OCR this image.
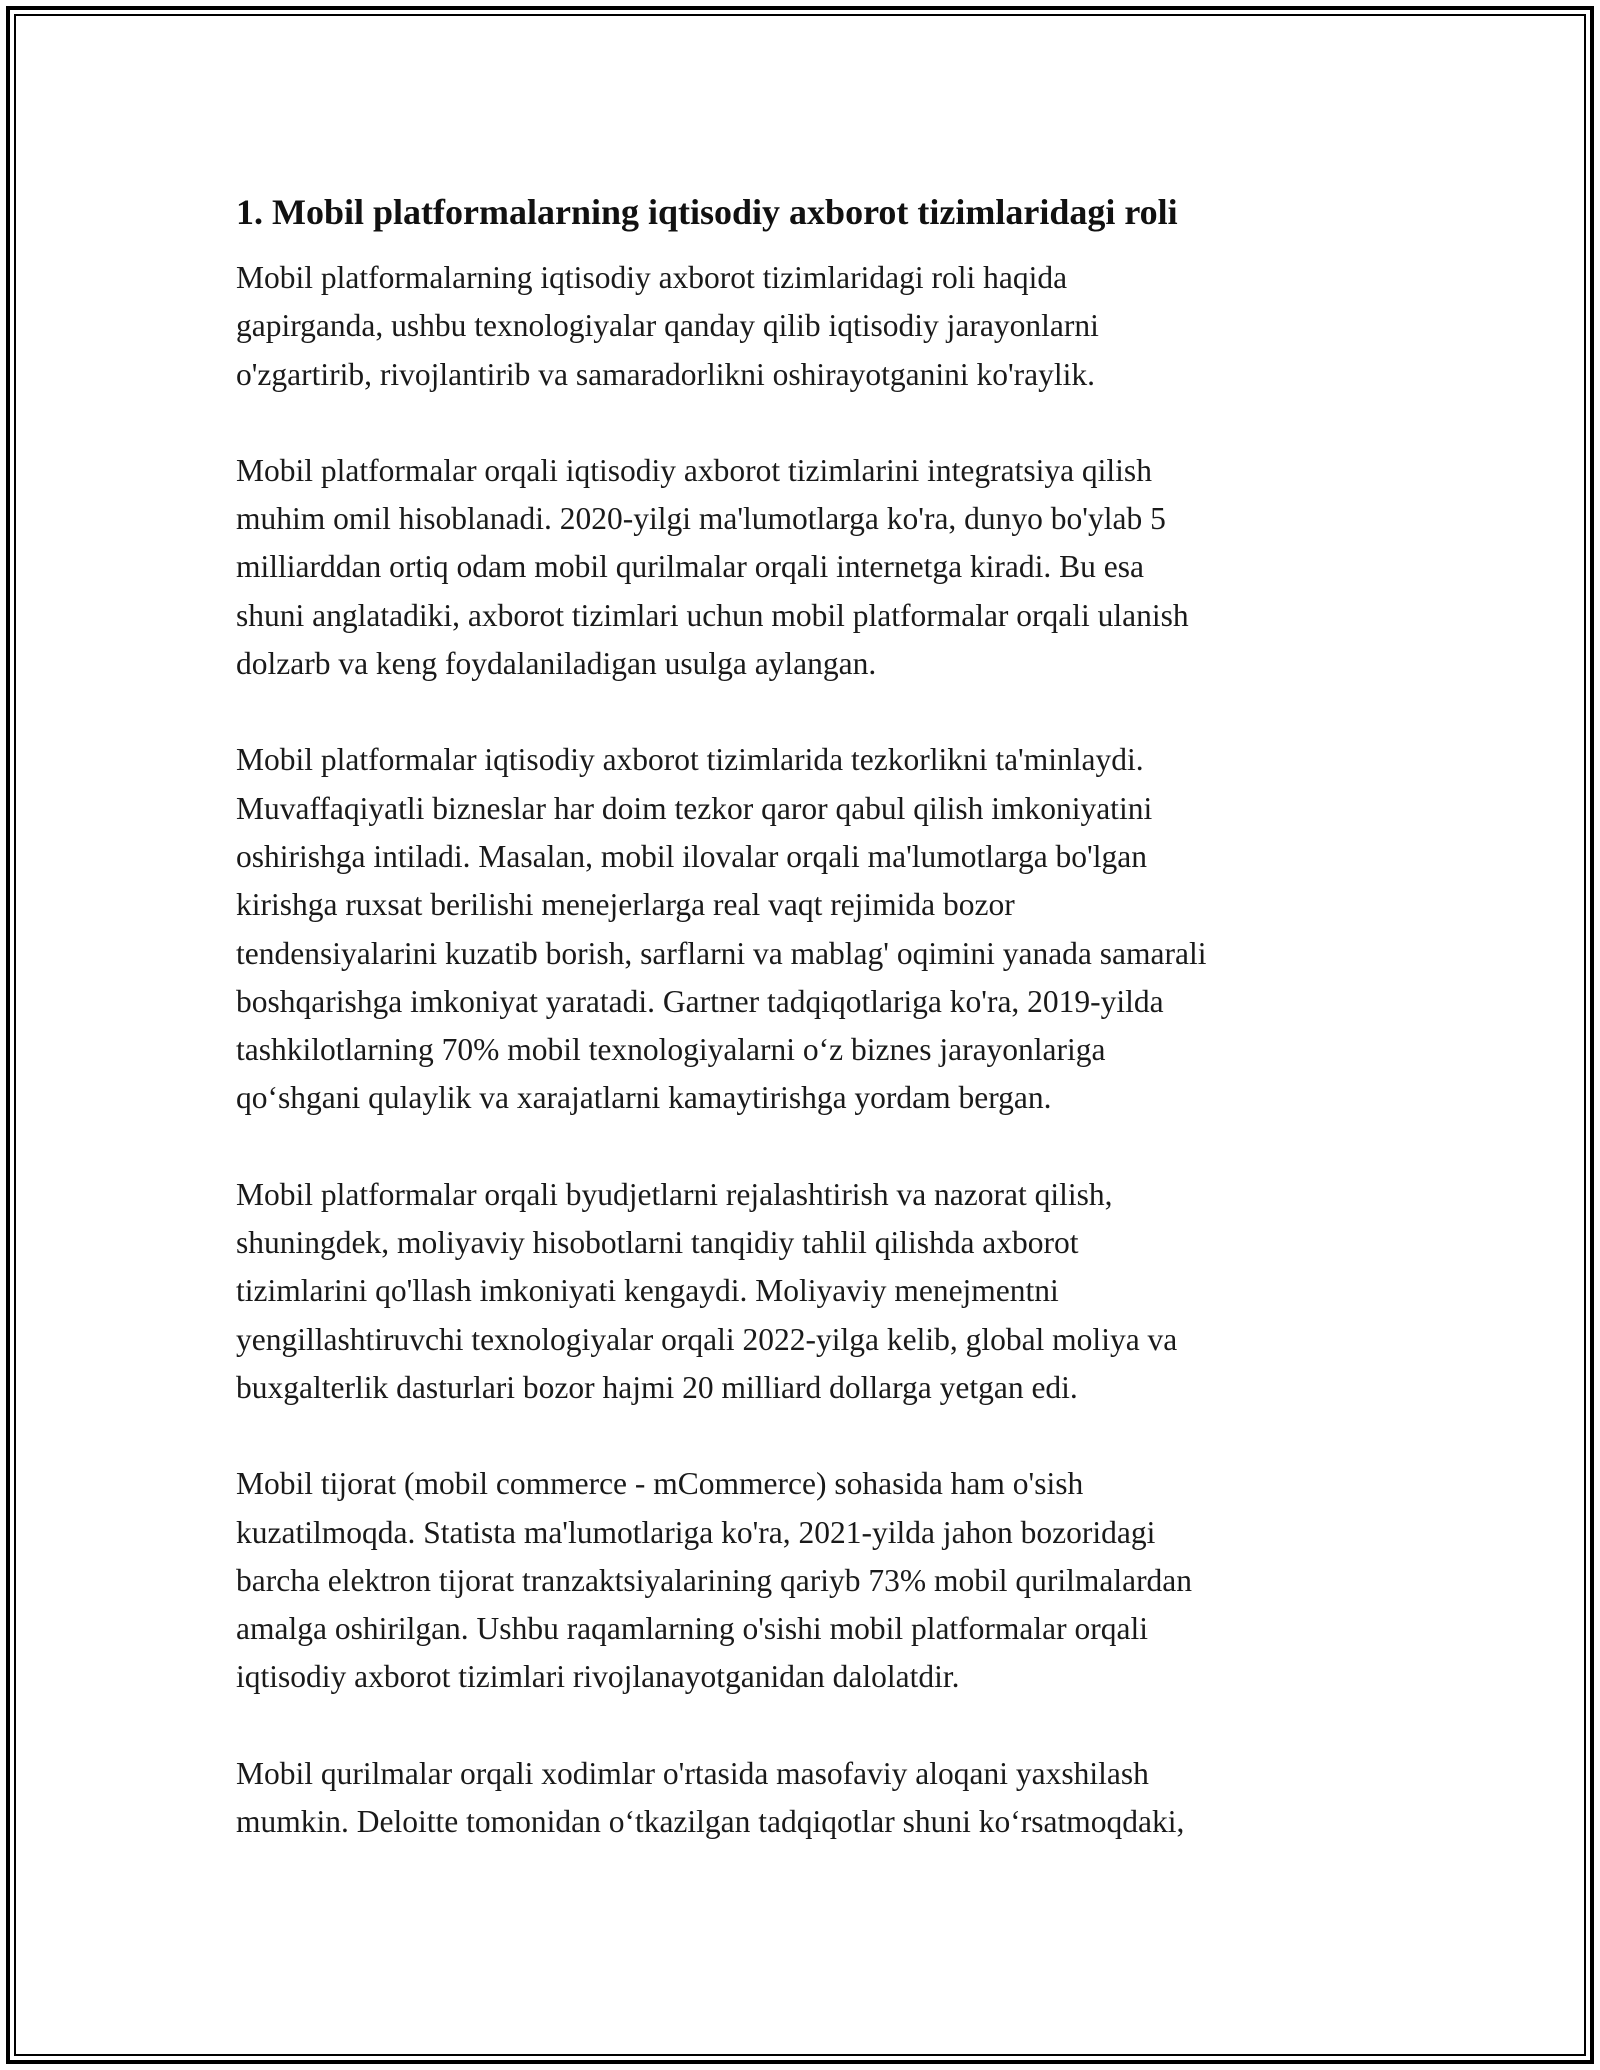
1. Mobil platformalarning iqtisodiy axborot tizimlaridagi roli

Mobil platformalarning iqtisodiy axborot tizimlaridagi roli haqida
gapirganda, ushbu texnologiyalar qanday qilib iqtisodiy jarayonlarni
o'zgartirib, rivojlantirib va samaradorlikni oshirayotganini ko'raylik.

Mobil platformalar orqali iqtisodiy axborot tizimlarini integratsiya qilish
muhim omil hisoblanadi. 2020-yilgi ma'lumotlarga ko'ra, dunyo bo'ylab 5
milliarddan ortiq odam mobil qurilmalar orqali internetga kiradi. Bu esa
shuni anglatadiki, axborot tizimlari uchun mobil platformalar orqali ulanish
dolzarb va keng foydalaniladigan usulga aylangan.

Mobil platformalar iqtisodiy axborot tizimlarida tezkorlikni ta'minlaydi.
Muvaffaqiyatli bizneslar har doim tezkor qaror qabul qilish imkoniyatini
oshirishga intiladi. Masalan, mobil ilovalar orqali ma'lumotlarga bo'lgan
kirishga ruxsat berilishi menejerlarga real vaqt rejimida bozor
tendensiyalarini kuzatib borish, sarflarni va mablag' oqimini yanada samarali
boshqarishga imkoniyat yaratadi. Gartner tadqiqotlariga ko'ra, 2019-yilda
tashkilotlarning 70% mobil texnologiyalarni o‘z biznes jarayonlariga
qo‘shgani qulaylik va xarajatlarni kamaytirishga yordam bergan.

Mobil platformalar orqali byudjetlarni rejalashtirish va nazorat qilish,
shuningdek, moliyaviy hisobotlarni tanqidiy tahlil qilishda axborot
tizimlarini qo'llash imkoniyati kengaydi. Moliyaviy menejmentni
yengillashtiruvchi texnologiyalar orqali 2022-yilga kelib, global moliya va
buxgalterlik dasturlari bozor hajmi 20 milliard dollarga yetgan edi.

Mobil tijorat (mobil commerce - mCommerce) sohasida ham o'sish
kuzatilmoqda. Statista ma'lumotlariga ko'ra, 2021-yilda jahon bozoridagi
barcha elektron tijorat tranzaktsiyalarining qariyb 73% mobil qurilmalardan
amalga oshirilgan. Ushbu raqamlarning o'sishi mobil platformalar orqali
iqtisodiy axborot tizimlari rivojlanayotganidan dalolatdir.

Mobil qurilmalar orqali xodimlar o'rtasida masofaviy aloqani yaxshilash
mumkin. Deloitte tomonidan o‘tkazilgan tadqiqotlar shuni ko‘rsatmoqdaki,
